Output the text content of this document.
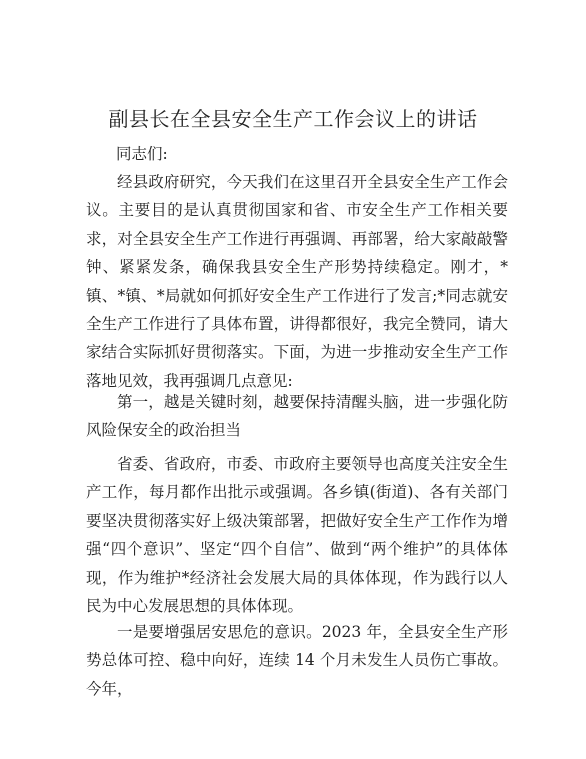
副县长在全县安全生产工作会议上的讲话
同志们:

经县政府研究，今天我们在这里召开全县安全生产工作会议。主要目的是认真贯彻国家和省、市安全生产工作相关要求，对全县安全生产工作进行再强调、再部署，给大家敲敲警钟、紧紧发条，确保我县安全生产形势持续稳定。刚才，*镇、*镇、*局就如何抓好安全生产工作进行了发言;*同志就安全生产工作进行了具体布置，讲得都很好，我完全赞同，请大家结合实际抓好贯彻落实。下面，为进一步推动安全生产工作落地见效，我再强调几点意见:

第一，越是关键时刻，越要保持清醒头脑，进一步强化防风险保安全的政治担当

省委、省政府，市委、市政府主要领导也高度关注安全生产工作，每月都作出批示或强调。各乡镇(街道)、各有关部门要坚决贯彻落实好上级决策部署，把做好安全生产工作作为增强“四个意识”、坚定“四个自信”、做到“两个维护”的具体体现，作为维护*经济社会发展大局的具体体现，作为践行以人民为中心发展思想的具体体现。

一是要增强居安思危的意识。2023 年，全县安全生产形势总体可控、稳中向好，连续 14 个月未发生人员伤亡事故。今年，
